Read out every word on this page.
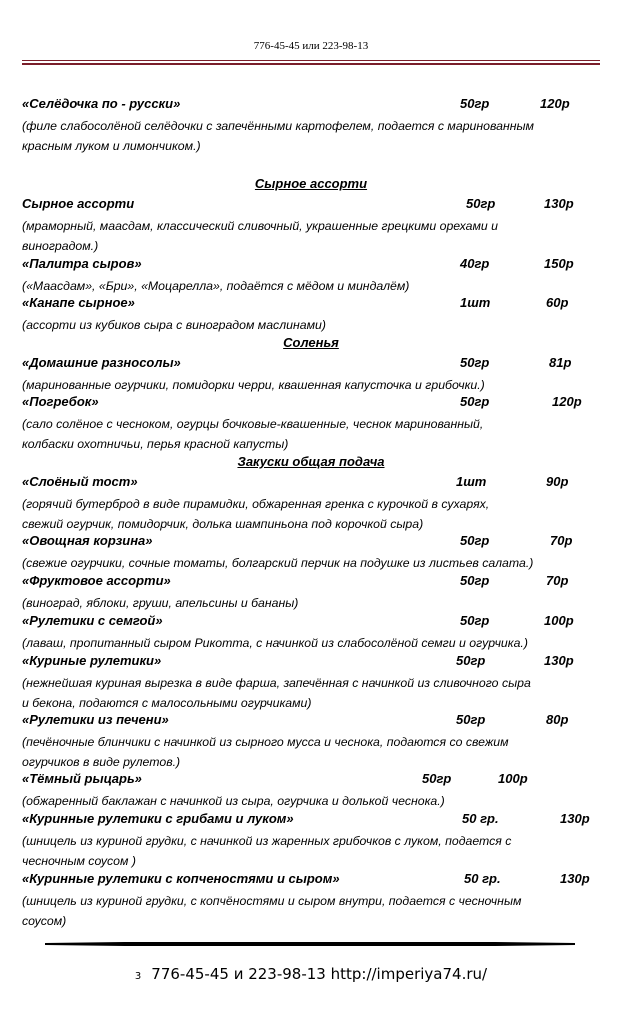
776-45-45 или 223-98-13
«Селёдочка по - русски»	50гр	120р
(филе слабосолёной селёдочки с запечёнными картофелем, подается с маринованным
красным луком и лимончиком.)
Сырное ассорти
Сырное ассорти	50гр	130р
(мраморный, маасдам, классический сливочный, украшенные грецкими орехами и
виноградом.)
«Палитра сыров»	40гр	150р
(«Маасдам», «Бри», «Моцарелла», подаётся с мёдом и миндалём)
«Канапе сырное»	1шт	60р
(ассорти из кубиков сыра с виноградом маслинами)
Соленья
«Домашние разносолы»	50гр	81р
(маринованные огурчики, помидорки черри, квашенная капусточка и грибочки.)
«Погребок»	50гр	120р
(сало солёное с чесноком, огурцы бочковые-квашенные, чеснок маринованный,
колбаски охотничьи, перья красной капусты)
Закуски общая подача
«Слоёный тост»	1шт	90р
(горячий бутерброд в виде пирамидки, обжаренная гренка с курочкой в сухарях,
свежий огурчик, помидорчик, долька шампиньона под корочкой сыра)
«Овощная корзина»	50гр	70р
(свежие огурчики, сочные томаты, болгарский перчик на подушке из листьев салата.)
«Фруктовое ассорти»	50гр	70р
(виноград, яблоки, груши, апельсины и бананы)
«Рулетики с семгой»	50гр	100р
(лаваш, пропитанный сыром Рикотта, с начинкой из слабосолёной семги и огурчика.)
«Куриные рулетики»	50гр	130р
(нежнейшая куриная вырезка в виде фарша, запечённая с начинкой из сливочного сыра
и бекона, подаются с малосольными огурчиками)
«Рулетики из печени»	50гр	80р
(печёночные блинчики с начинкой из сырного мусса и чеснока, подаются со свежим
огурчиков в виде рулетов.)
«Тёмный рыцарь»	50гр	100р
(обжаренный баклажан с начинкой из сыра, огурчика и долькой чеснока.)
«Куринные рулетики с грибами и луком»	50 гр.	130р
(шницель из куриной грудки, с начинкой из жаренных грибочков с луком, подается с
чесночным соусом )
«Куринные рулетики с копченостями и сыром»	50 гр.	130р
(шницель из куриной грудки, с копчёностями и сыром внутри, подается с чесночным
соусом)
3 776-45-45 и 223-98-13 http://imperiya74.ru/
